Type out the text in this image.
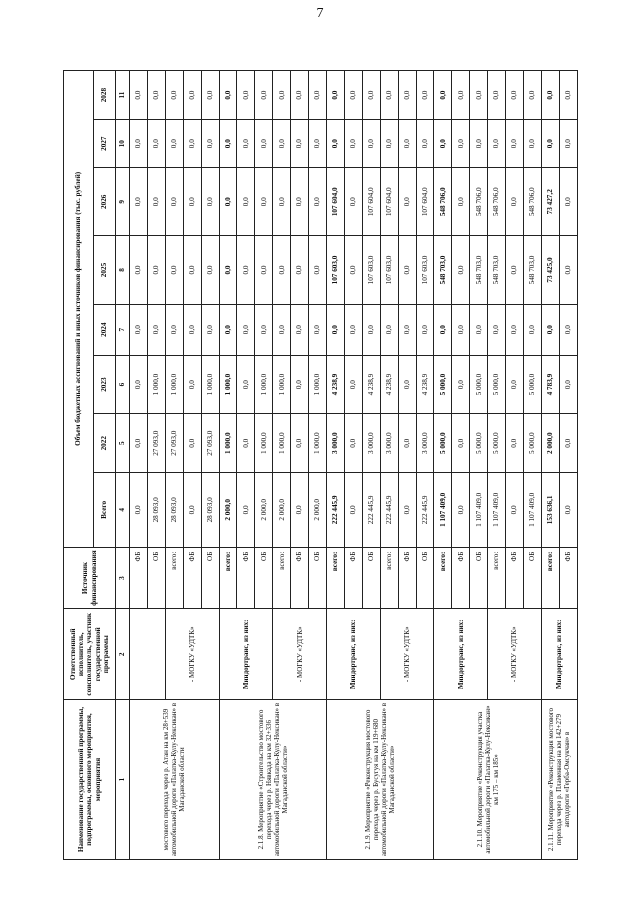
7
Наименование государственной программы, подпрограммы, основного мероприятия, мероприятия	Ответственный исполнитель, соисполнитель, участник государственной программы	Источник финансирования	Объем бюджетных ассигнований и иных источников финансирования (тыс. рублей)							
			Всего	2022	2023	2024	2025	2026	2027	2028
1	2	3	4	5	6	7	8	9	10	11
мостового перехода через р. Атан на км 28+539 автомобильной дороги «Палатка-Кулу-Нексикан» в Магаданской области		ФБ	0,0	0,0	0,0	0,0	0,0	0,0	0,0	0,0
		ОБ	28 093,0	27 093,0	1 000,0	0,0	0,0	0,0	0,0	0,0
	- МОГКУ «УДТК»	всего:	28 093,0	27 093,0	1 000,0	0,0	0,0	0,0	0,0	0,0
		ФБ	0,0	0,0	0,0	0,0	0,0	0,0	0,0	0,0
		ОБ	28 093,0	27 093,0	1 000,0	0,0	0,0	0,0	0,0	0,0
2.1.8. Мероприятие «Строительство мостового перехода через р. Нявкада на км 32+336 автомобильной дороги «Палатка-Кулу-Нексикан» в Магаданской области»	Миндортранс, из них:	всего:	2 000,0	1 000,0	1 000,0	0,0	0,0	0,0	0,0	0,0
		ФБ	0,0	0,0	0,0	0,0	0,0	0,0	0,0	0,0
		ОБ	2 000,0	1 000,0	1 000,0	0,0	0,0	0,0	0,0	0,0
	- МОГКУ «УДТК»	всего:	2 000,0	1 000,0	1 000,0	0,0	0,0	0,0	0,0	0,0
		ФБ	0,0	0,0	0,0	0,0	0,0	0,0	0,0	0,0
		ОБ	2 000,0	1 000,0	1 000,0	0,0	0,0	0,0	0,0	0,0
2.1.9. Мероприятие «Реконструкция мостового перехода через р. Бусугуя на км 119+680 автомобильной дороги «Палатка-Кулу-Нексикан» в Магаданской области»	Миндортранс, из них:	всего:	222 445,9	3 000,0	4 238,9	0,0	107 603,0	107 604,0	0,0	0,0
		ФБ	0,0	0,0	0,0	0,0	0,0	0,0	0,0	0,0
		ОБ	222 445,9	3 000,0	4 238,9	0,0	107 603,0	107 604,0	0,0	0,0
	- МОГКУ «УДТК»	всего:	222 445,9	3 000,0	4 238,9	0,0	107 603,0	107 604,0	0,0	0,0
		ФБ	0,0	0,0	0,0	0,0	0,0	0,0	0,0	0,0
		ОБ	222 445,9	3 000,0	4 238,9	0,0	107 603,0	107 604,0	0,0	0,0
2.1.10. Мероприятие «Реконструкция участка автомобильной дороги «Палатка-Кулу-Нексикан» км 175 – км 185»	Миндортранс, из них:	всего:	1 107 409,0	5 000,0	5 000,0	0,0	548 703,0	548 706,0	0,0	0,0
		ФБ	0,0	0,0	0,0	0,0	0,0	0,0	0,0	0,0
		ОБ	1 107 409,0	5 000,0	5 000,0	0,0	548 703,0	548 706,0	0,0	0,0
	- МОГКУ «УДТК»	всего:	1 107 409,0	5 000,0	5 000,0	0,0	548 703,0	548 706,0	0,0	0,0
		ФБ	0,0	0,0	0,0	0,0	0,0	0,0	0,0	0,0
		ОБ	1 107 409,0	5 000,0	5 000,0	0,0	548 703,0	548 706,0	0,0	0,0
2.1.11. Мероприятие «Реконструкция мостового перехода через р. Пламенная на км 142+279 автодороги «Герба-Омсукчан» в	Миндортранс, из них:	всего:	153 636,1	2 000,0	4 783,9	0,0	73 425,0	73 427,2	0,0	0,0
		ФБ	0,0	0,0	0,0	0,0	0,0	0,0	0,0	0,0
